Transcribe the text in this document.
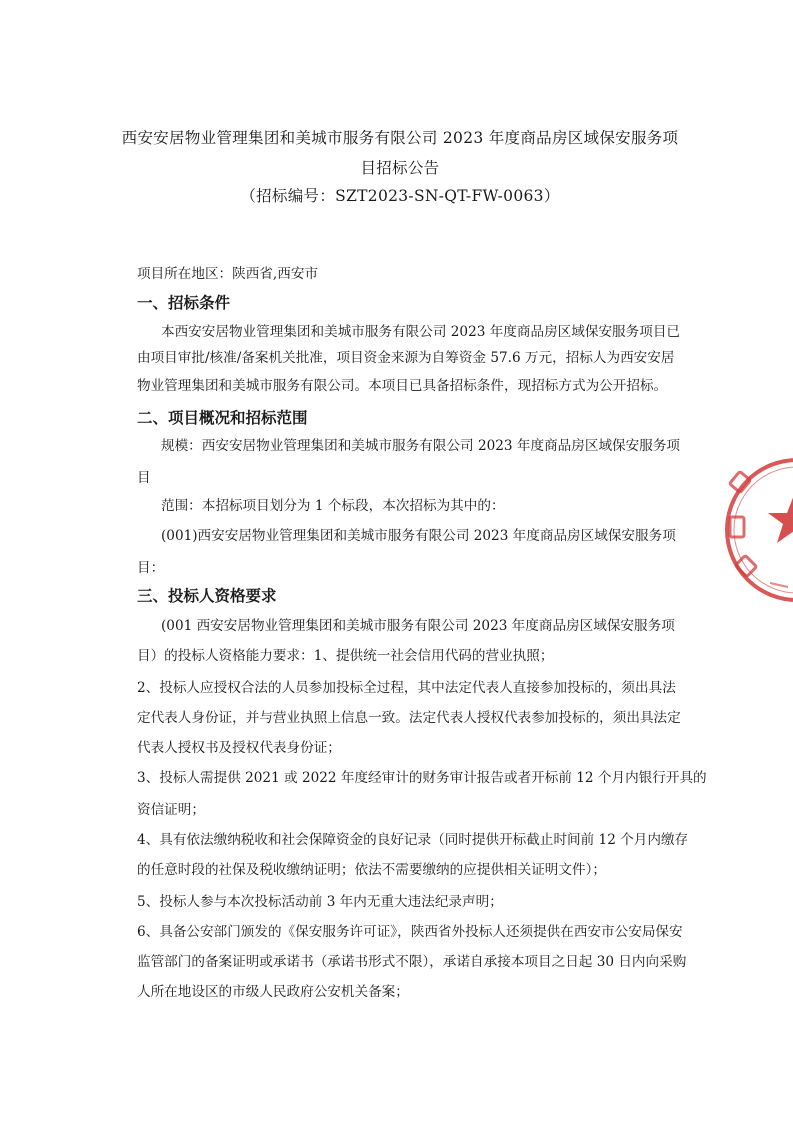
西安安居物业管理集团和美城市服务有限公司 2023 年度商品房区域保安服务项

目招标公告

（招标编号：SZT2023-SN-QT-FW-0063）

项目所在地区：陕西省,西安市

一、招标条件

本西安安居物业管理集团和美城市服务有限公司 2023 年度商品房区域保安服务项目已

由项目审批/核准/备案机关批准，项目资金来源为自筹资金 57.6 万元，招标人为西安安居

物业管理集团和美城市服务有限公司。本项目已具备招标条件，现招标方式为公开招标。

二、项目概况和招标范围

规模：西安安居物业管理集团和美城市服务有限公司 2023 年度商品房区域保安服务项

目

范围：本招标项目划分为 1 个标段，本次招标为其中的：

(001)西安安居物业管理集团和美城市服务有限公司 2023 年度商品房区域保安服务项

目：

三、投标人资格要求

(001 西安安居物业管理集团和美城市服务有限公司 2023 年度商品房区域保安服务项

目）的投标人资格能力要求：1、提供统一社会信用代码的营业执照；

2、投标人应授权合法的人员参加投标全过程，其中法定代表人直接参加投标的，须出具法

定代表人身份证，并与营业执照上信息一致。法定代表人授权代表参加投标的，须出具法定

代表人授权书及授权代表身份证；

3、投标人需提供 2021 或 2022 年度经审计的财务审计报告或者开标前 12 个月内银行开具的

资信证明；

4、具有依法缴纳税收和社会保障资金的良好记录（同时提供开标截止时间前 12 个月内缴存

的任意时段的社保及税收缴纳证明；依法不需要缴纳的应提供相关证明文件）；

5、投标人参与本次投标活动前 3 年内无重大违法纪录声明；

6、具备公安部门颁发的《保安服务许可证》，陕西省外投标人还须提供在西安市公安局保安

监管部门的备案证明或承诺书（承诺书形式不限），承诺自承接本项目之日起 30 日内向采购

人所在地设区的市级人民政府公安机关备案；
